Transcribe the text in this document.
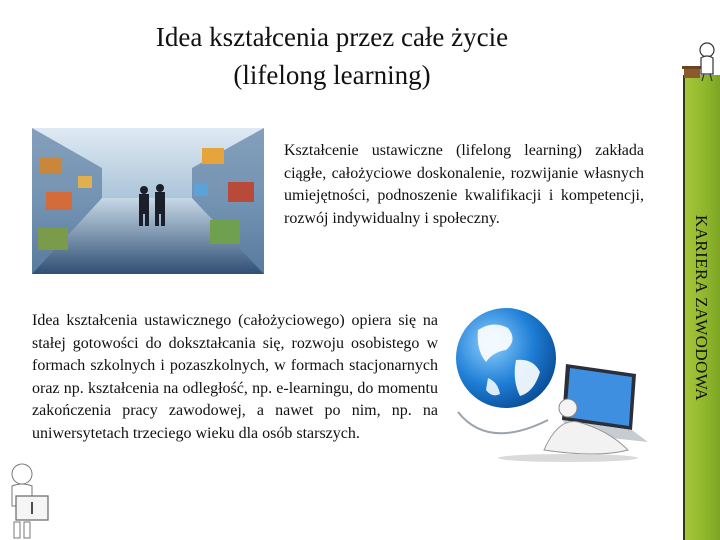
Idea kształcenia przez całe życie
(lifelong learning)
KARIERA ZAWODOWA

Kształcenie ustawiczne (lifelong learning) zakłada ciągłe, całożyciowe doskonalenie, rozwijanie własnych umiejętności, podnoszenie kwalifikacji i kompetencji, rozwój indywidualny i społeczny.

Idea kształcenia ustawicznego (całożyciowego) opiera się na stałej gotowości do dokształcania się, rozwoju osobistego w formach szkolnych i pozaszkolnych, w formach stacjonarnych oraz np. kształcenia na odległość, np. e-learningu, do momentu zakończenia pracy zawodowej, a nawet po nim, np. na uniwersytetach trzeciego wieku dla osób starszych.
